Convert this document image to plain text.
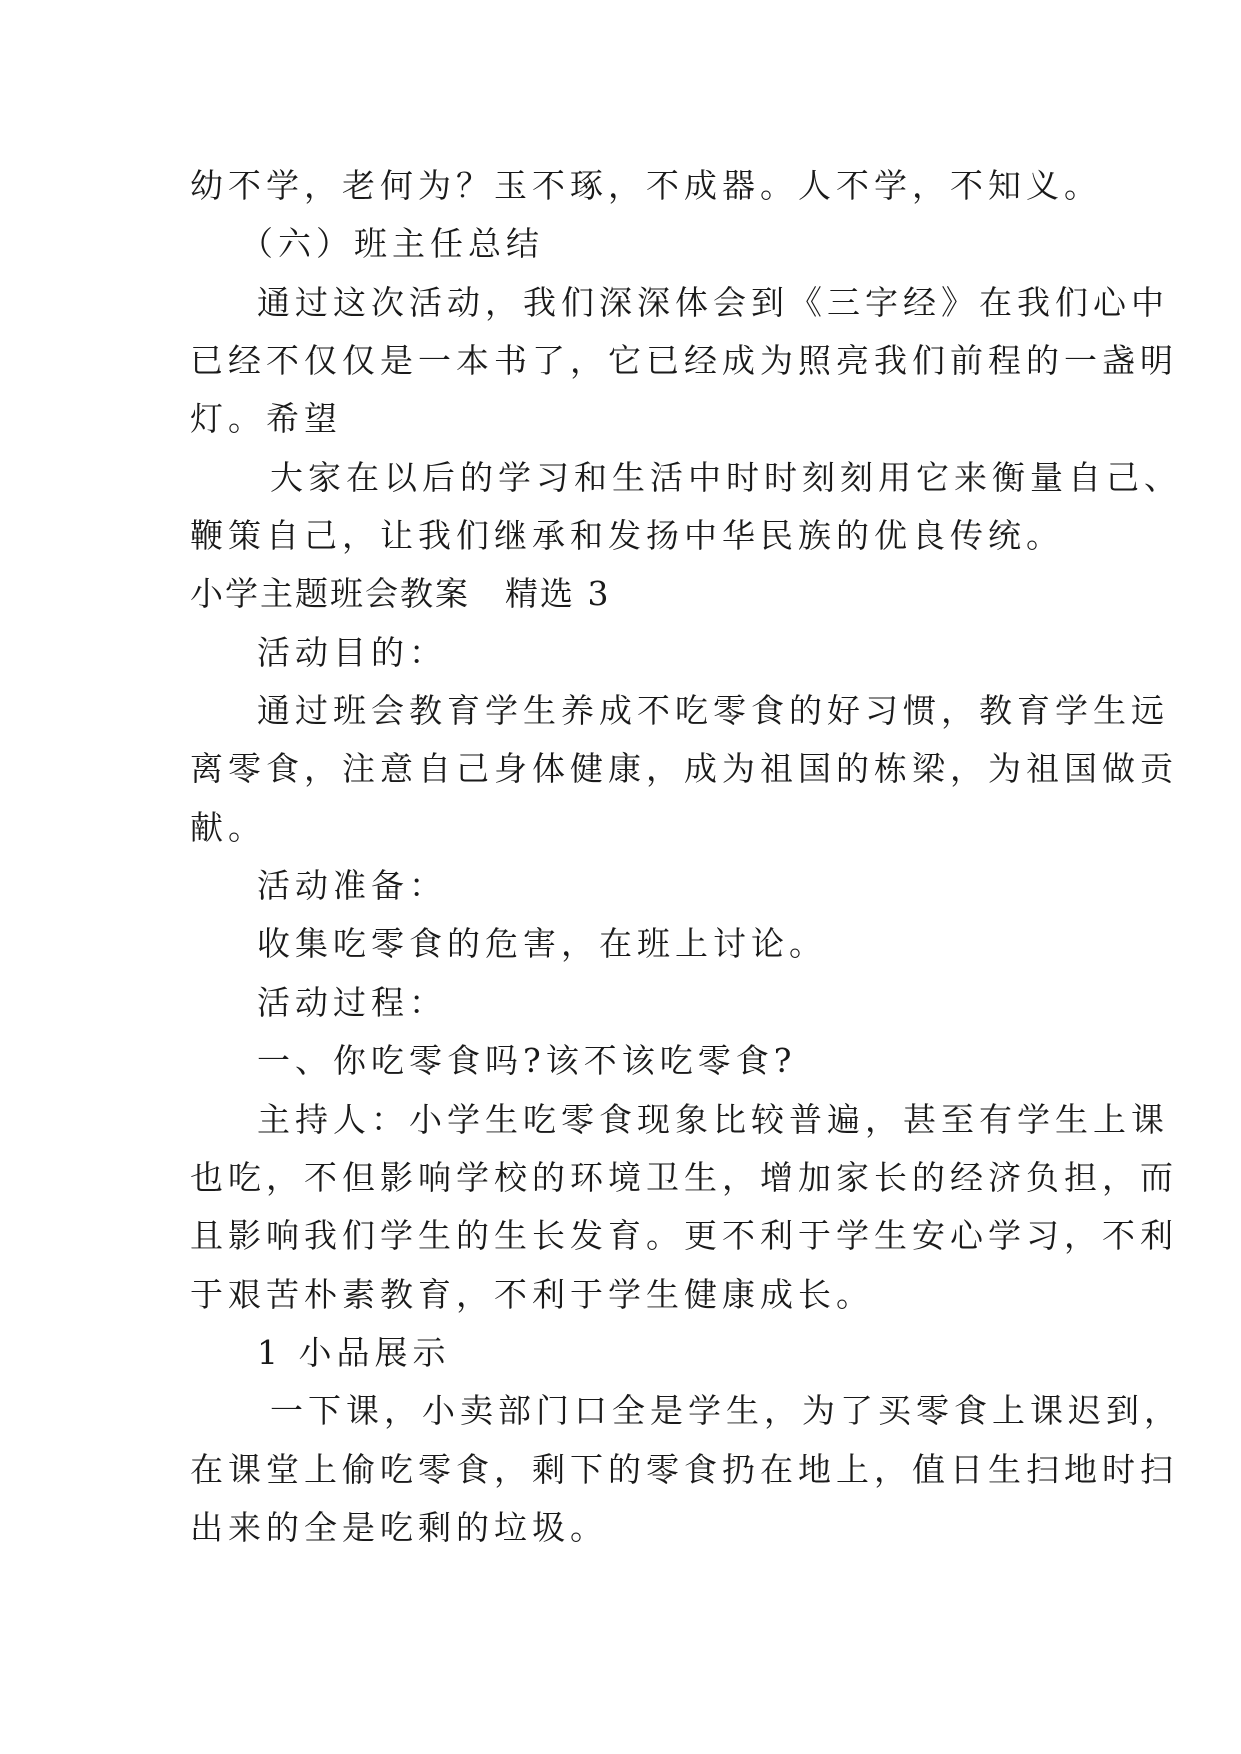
幼不学，老何为？玉不琢，不成器。人不学，不知义。
（六）班主任总结
通过这次活动，我们深深体会到《三字经》在我们心中
已经不仅仅是一本书了，它已经成为照亮我们前程的一盏明
灯。希望
大家在以后的学习和生活中时时刻刻用它来衡量自己、
鞭策自己，让我们继承和发扬中华民族的优良传统。
小学主题班会教案　精选 3
活动目的：
通过班会教育学生养成不吃零食的好习惯，教育学生远
离零食，注意自己身体健康，成为祖国的栋梁，为祖国做贡
献。
活动准备：
收集吃零食的危害，在班上讨论。
活动过程：
一、你吃零食吗?该不该吃零食?
主持人：小学生吃零食现象比较普遍，甚至有学生上课
也吃，不但影响学校的环境卫生，增加家长的经济负担，而
且影响我们学生的生长发育。更不利于学生安心学习，不利
于艰苦朴素教育，不利于学生健康成长。
1 小品展示
一下课，小卖部门口全是学生，为了买零食上课迟到，
在课堂上偷吃零食，剩下的零食扔在地上，值日生扫地时扫
出来的全是吃剩的垃圾。
